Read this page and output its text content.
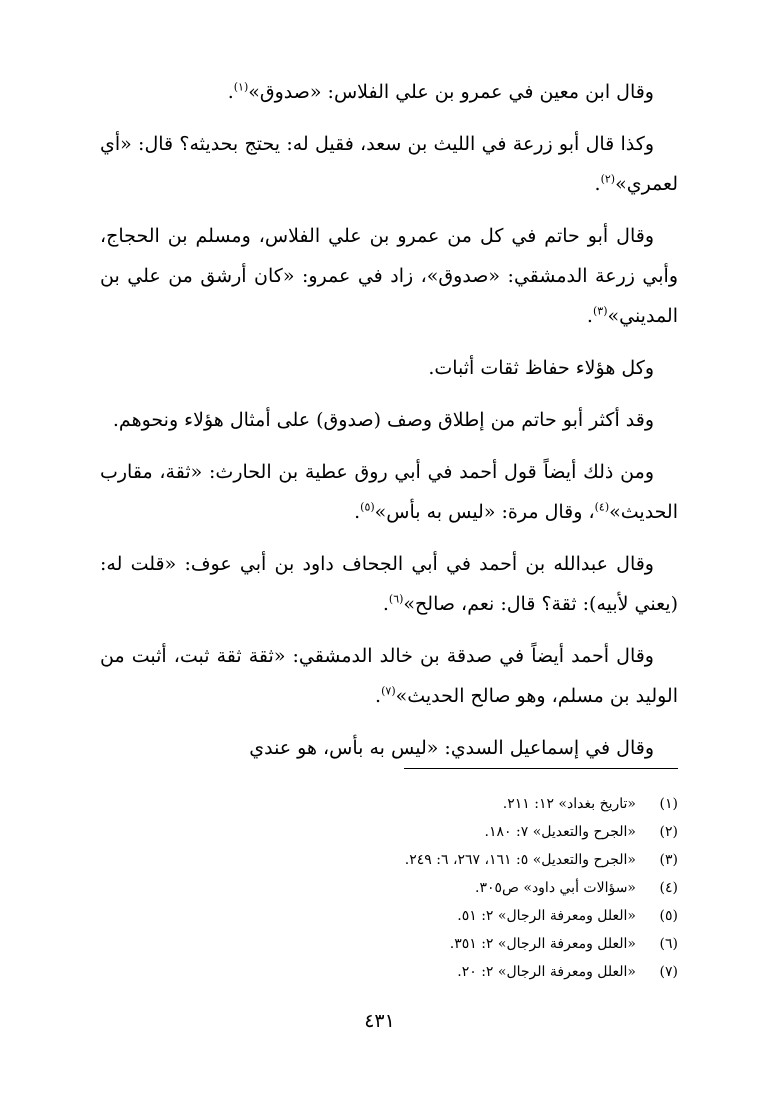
وقال ابن معين في عمرو بن علي الفلاس: «صدوق»$^{(١)}$.

وكذا قال أبو زرعة في الليث بن سعد، فقيل له: يحتج بحديثه؟ قال: «أي لعمري»$^{(٢)}$.

وقال أبو حاتم في كل من عمرو بن علي الفلاس، ومسلم بن الحجاج، وأبي زرعة الدمشقي: «صدوق»، زاد في عمرو: «كان أرشق من علي بن المديني»$^{(٣)}$.

وكل هؤلاء حفاظ ثقات أثبات.

وقد أكثر أبو حاتم من إطلاق وصف (صدوق) على أمثال هؤلاء ونحوهم.

ومن ذلك أيضاً قول أحمد في أبي روق عطية بن الحارث: «ثقة، مقارب الحديث»$^{(٤)}$، وقال مرة: «ليس به بأس»$^{(٥)}$.

وقال عبدالله بن أحمد في أبي الجحاف داود بن أبي عوف: «قلت له: (يعني لأبيه): ثقة؟ قال: نعم، صالح»$^{(٦)}$.

وقال أحمد أيضاً في صدقة بن خالد الدمشقي: «ثقة ثقة ثبت، أثبت من الوليد بن مسلم، وهو صالح الحديث»$^{(٧)}$.

وقال في إسماعيل السدي: «ليس به بأس، هو عندي

(١)
«تاريخ بغداد» ١٢: ٢١١.
(٢)
«الجرح والتعديل» ٧: ١٨٠.
(٣)
«الجرح والتعديل» ٥: ١٦١، ٢٦٧، ٦: ٢٤٩.
(٤)
«سؤالات أبي داود» ص٣٠٥.
(٥)
«العلل ومعرفة الرجال» ٢: ٥١.
(٦)
«العلل ومعرفة الرجال» ٢: ٣٥١.
(٧)
«العلل ومعرفة الرجال» ٢: ٢٠.
٤٣١
